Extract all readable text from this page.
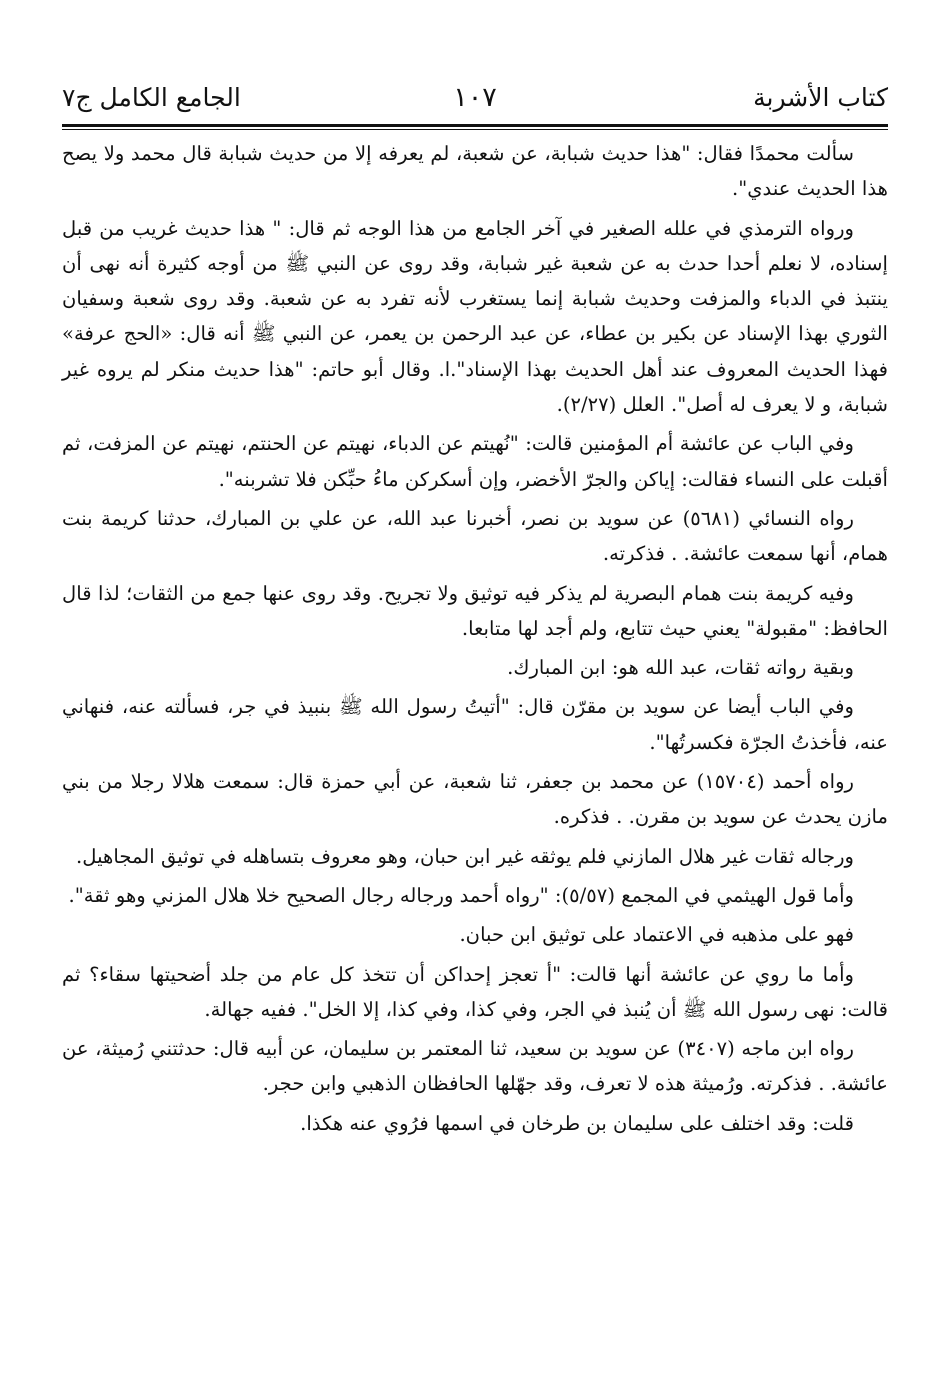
كتاب الأشربة
١٠٧
الجامع الكامل ج٧

سألت محمدًا فقال: "هذا حديث شبابة، عن شعبة، لم يعرفه إلا من حديث شبابة قال محمد ولا يصح هذا الحديث عندي".

ورواه الترمذي في علله الصغير في آخر الجامع من هذا الوجه ثم قال: " هذا حديث غريب من قبل إسناده، لا نعلم أحدا حدث به عن شعبة غير شبابة، وقد روى عن النبي ﷺ من أوجه كثيرة أنه نهى أن ينتبذ في الدباء والمزفت وحديث شبابة إنما يستغرب لأنه تفرد به عن شعبة. وقد روى شعبة وسفيان الثوري بهذا الإسناد عن بكير بن عطاء، عن عبد الرحمن بن يعمر، عن النبي ﷺ أنه قال: «الحج عرفة» فهذا الحديث المعروف عند أهل الحديث بهذا الإسناد".ا. وقال أبو حاتم: "هذا حديث منكر لم يروه غير شبابة، و لا يعرف له أصل". العلل (٢/٢٧).

وفي الباب عن عائشة أم المؤمنين قالت: "نُهيتم عن الدباء، نهيتم عن الحنتم، نهيتم عن المزفت، ثم أقبلت على النساء فقالت: إياكن والجرّ الأخضر، وإن أسكركن ماءُ حبِّكن فلا تشربنه".

رواه النسائي (٥٦٨١) عن سويد بن نصر، أخبرنا عبد الله، عن علي بن المبارك، حدثنا كريمة بنت همام، أنها سمعت عائشة. . فذكرته.

وفيه كريمة بنت همام البصرية لم يذكر فيه توثيق ولا تجريح. وقد روى عنها جمع من الثقات؛ لذا قال الحافظ: "مقبولة" يعني حيث تتابع، ولم أجد لها متابعا.

وبقية رواته ثقات، عبد الله هو: ابن المبارك.

وفي الباب أيضا عن سويد بن مقرّن قال: "أتيتُ رسول الله ﷺ بنبيذ في جر، فسألته عنه، فنهاني عنه، فأخذتُ الجرّة فكسرتُها".

رواه أحمد (١٥٧٠٤) عن محمد بن جعفر، ثنا شعبة، عن أبي حمزة قال: سمعت هلالا رجلا من بني مازن يحدث عن سويد بن مقرن. . فذكره.

ورجاله ثقات غير هلال المازني فلم يوثقه غير ابن حبان، وهو معروف بتساهله في توثيق المجاهيل.

وأما قول الهيثمي في المجمع (٥/٥٧): "رواه أحمد ورجاله رجال الصحيح خلا هلال المزني وهو ثقة".

فهو على مذهبه في الاعتماد على توثيق ابن حبان.

وأما ما روي عن عائشة أنها قالت: "أ تعجز إحداكن أن تتخذ كل عام من جلد أضحيتها سقاء؟ ثم قالت: نهى رسول الله ﷺ أن يُنبذ في الجر، وفي كذا، وفي كذا، إلا الخل". ففيه جهالة.

رواه ابن ماجه (٣٤٠٧) عن سويد بن سعيد، ثنا المعتمر بن سليمان، عن أبيه قال: حدثتني رُميثة، عن عائشة. . فذكرته. ورُميثة هذه لا تعرف، وقد جهّلها الحافظان الذهبي وابن حجر.

قلت: وقد اختلف على سليمان بن طرخان في اسمها فرُوي عنه هكذا.
